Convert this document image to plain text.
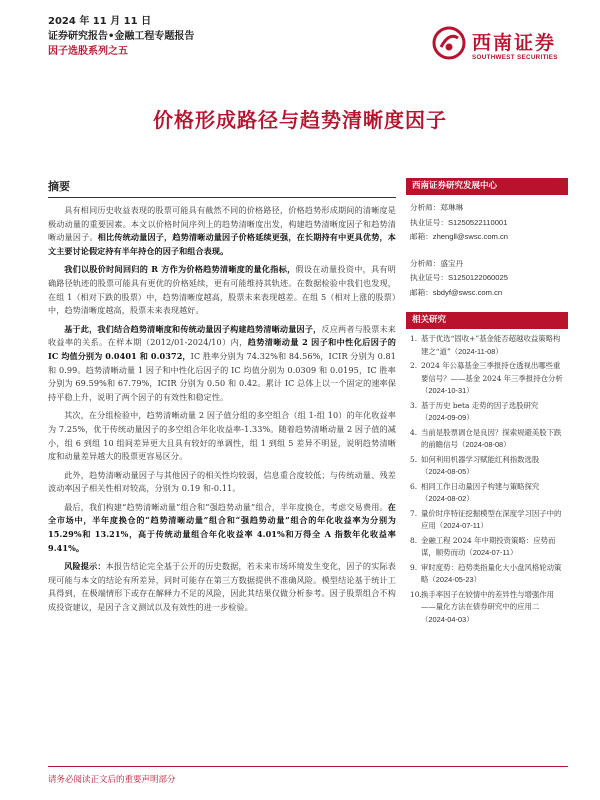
2024 年 11 月 11 日
证券研究报告•金融工程专题报告
因子选股系列之五	西南证券
SOUTHWEST SECURITIES
价格形成路径与趋势清晰度因子
摘要

具有相同历史收益表现的股票可能具有截然不同的价格路径，价格趋势形成期间的清晰度是极动动量的重要因素。本文以价格时间序列上的趋势清晰度出发，构建趋势清晰度因子和趋势清晰动量因子。相比传统动量因子，趋势清晰动量因子价格延续更强，在长期持有中更具优势，本文主要讨论假定持有半年持仓的因子和组合表现。

我们以股价时间回归的 R 方作为价格趋势清晰度的量化指标，假设在动量投资中，具有明确路径轨迹的股票可能具有更优的价格延续，更有可能维持其轨迹。在数据检验中我们也发现，在组 1（相对下跌的股票）中，趋势清晰度越高，股票未来表现越差。在组 5（相对上涨的股票）中，趋势清晰度越高，股票未来表现越好。

基于此，我们结合趋势清晰度和传统动量因子构建趋势清晰动量因子，反应两者与股票未来收益率的关系。在样本期（2012/01-2024/10）内，趋势清晰动量 2 因子和中性化后因子的 IC 均值分别为 0.0401 和 0.0372，IC 胜率分别为 74.32%和 84.56%，ICIR 分别为 0.81 和 0.99。趋势清晰动量 1 因子和中性化后因子的 IC 均值分别为 0.0309 和 0.0195，IC 胜率分别为 69.59%和 67.79%，ICIR 分别为 0.50 和 0.42。累计 IC 总体上以一个固定的速率保持平稳上升，说明了两个因子的有效性和稳定性。

其次，在分组检验中，趋势清晰动量 2 因子值分组的多空组合（组 1-组 10）的年化收益率为 7.25%，优于传统动量因子的多空组合年化收益率-1.33%。随着趋势清晰动量 2 因子值的减小，组 6 到组 10 组间差异更大且具有较好的单调性，组 1 到组 5 差异不明显，说明趋势清晰度和动量差异越大的股票更容易区分。

此外，趋势清晰动量因子与其他因子的相关性均较弱，信息重合度较低；与传统动量、残差波动率因子相关性相对较高，分别为 0.19 和-0.11。

最后，我们构建“趋势清晰动量”组合和“强趋势动量”组合，半年度换仓，考虑交易费用。在全市场中，半年度换仓的“趋势清晰动量”组合和“强趋势动量”组合的年化收益率为分别为 15.29%和 13.21%，高于传统动量组合年化收益率 4.01%和万得全 A 指数年化收益率 9.41%。

风险提示：本报告结论完全基于公开的历史数据，若未来市场环境发生变化，因子的实际表现可能与本文的结论有所差异，同时可能存在第三方数据提供不准确风险。模型结论基于统计工具得到，在极端情形下或存在解释力不足的风险，因此其结果仅做分析参考。因子股票组合不构成投资建议，是因子含义测试以及有效性的进一步检验。

西南证券研究发展中心
分析师：郑琳琳
执业证号：S1250522110001
邮箱：zhengll@swsc.com.cn
分析师：盛宝丹
执业证号：S1250122060025
邮箱：sbdyf@swsc.com.cn
相关研究
1. 基于优选“固收+”基金能否超越收益策略构建之“道”（2024-11-08）
2. 2024 年公募基金三季报持仓透视出哪些重要信号？——基金 2024 年三季报持仓分析（2024-10-31）
3. 基于历史 beta 走势的因子选股研究（2024-09-09）
4. 当前是股票调仓是良因？探索规避美股下跌的前瞻信号（2024-08-08）
5. 如何利用机器学习赋能红利指数选股（2024-08-05）
6. 相同工作日动量因子构建与策略探究（2024-08-02）
7. 量价时序特征挖掘模型在深度学习因子中的应用（2024-07-11）
8. 金融工程 2024 年中期投资策略：应势而谋，顺势而动（2024-07-11）
9. 审时度势：趋势类指量化大小盘风格轮动策略（2024-05-23）
10. 换手率因子在较情中的差异性与增强作用——量化方法在债券研究中的应用二（2024-04-03）
请务必阅读正文后的重要声明部分
